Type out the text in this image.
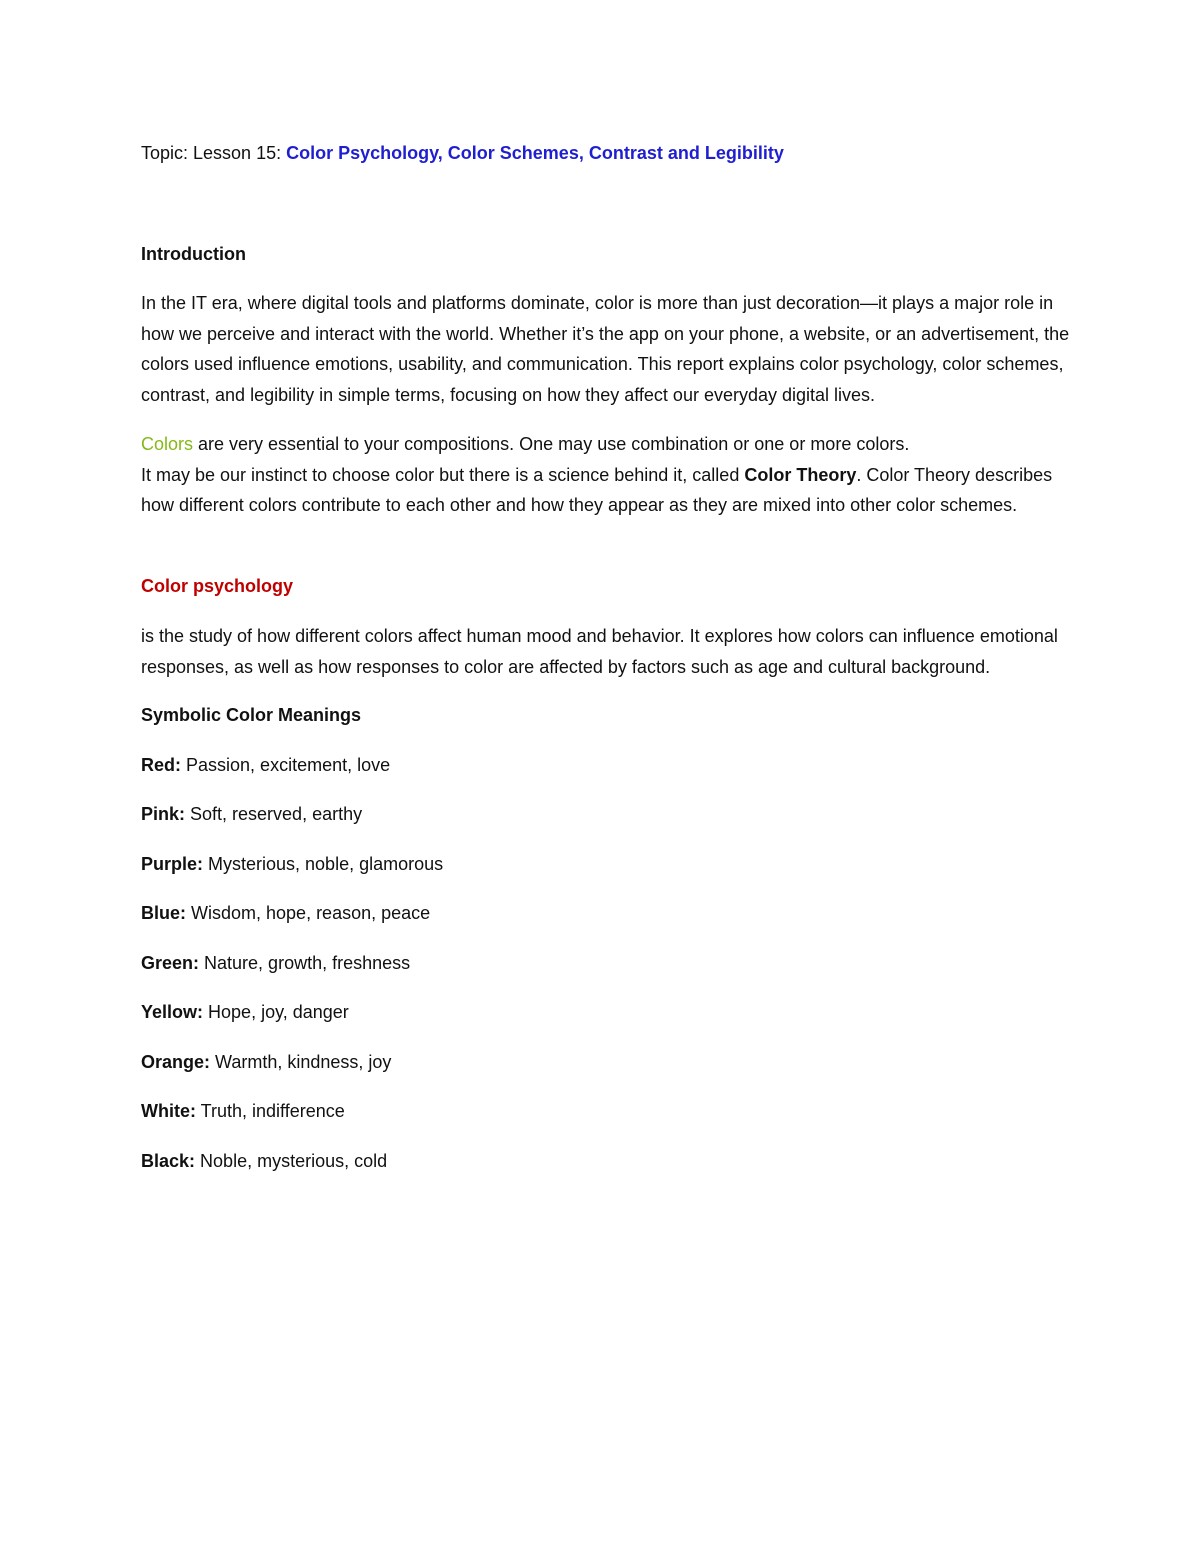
Topic: Lesson 15: Color Psychology, Color Schemes, Contrast and Legibility

Introduction

In the IT era, where digital tools and platforms dominate, color is more than just decoration—it plays a major role in how we perceive and interact with the world. Whether it’s the app on your phone, a website, or an advertisement, the colors used influence emotions, usability, and communication. This report explains color psychology, color schemes, contrast, and legibility in simple terms, focusing on how they affect our everyday digital lives.

Colors are very essential to your compositions. One may use combination or one or more colors.
It may be our instinct to choose color but there is a science behind it, called Color Theory. Color Theory describes how different colors contribute to each other and how they appear as they are mixed into other color schemes.

Color psychology

is the study of how different colors affect human mood and behavior. It explores how colors can influence emotional responses, as well as how responses to color are affected by factors such as age and cultural background.

Symbolic Color Meanings
Red: Passion, excitement, love
Pink: Soft, reserved, earthy
Purple: Mysterious, noble, glamorous
Blue: Wisdom, hope, reason, peace
Green: Nature, growth, freshness
Yellow: Hope, joy, danger
Orange: Warmth, kindness, joy
White: Truth, indifference
Black: Noble, mysterious, cold
